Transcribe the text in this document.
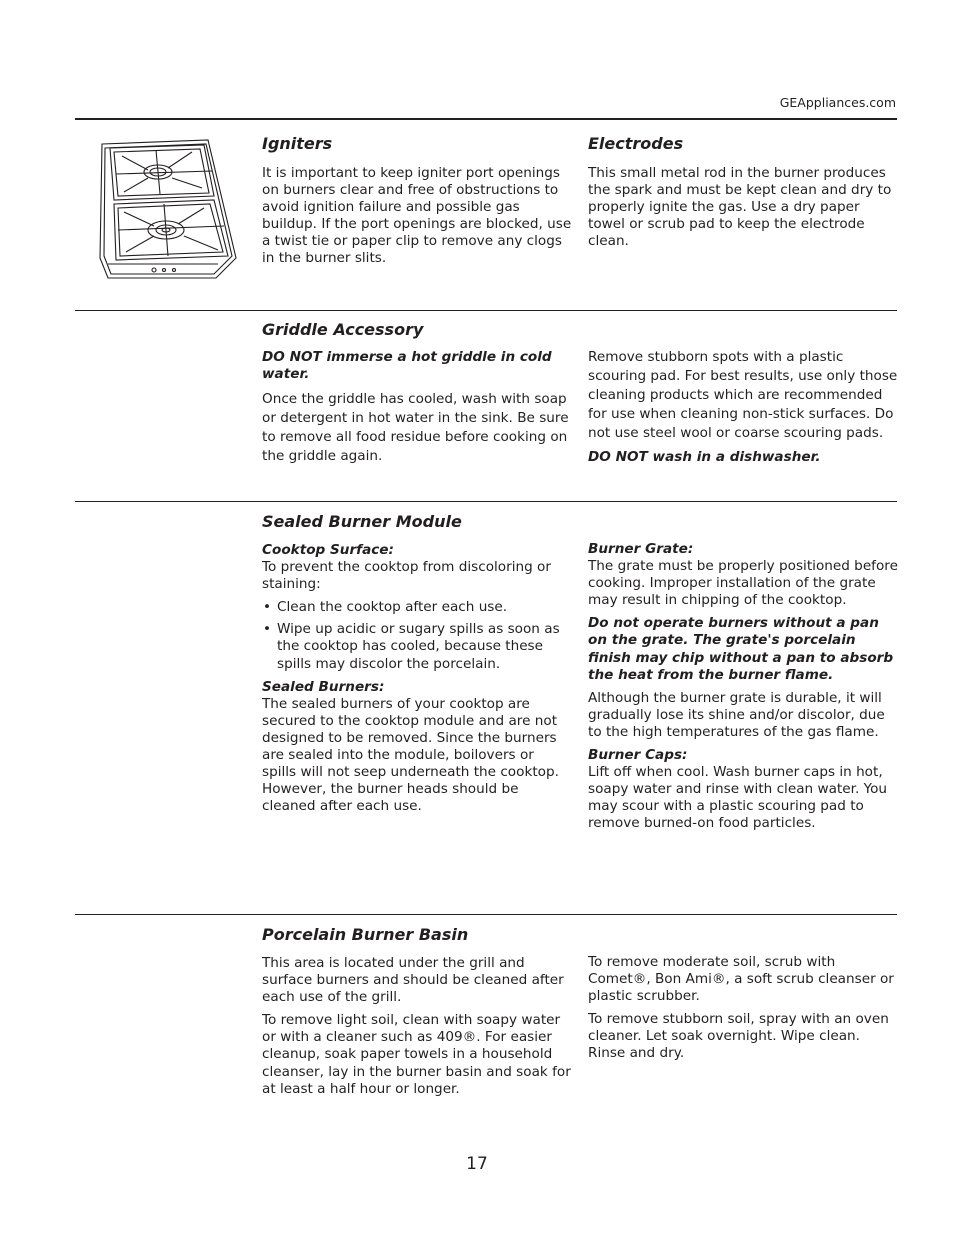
GEAppliances.com
Igniters
It is important to keep igniter port openings on burners clear and free of obstructions to avoid ignition failure and possible gas buildup. If the port openings are blocked, use a twist tie or paper clip to remove any clogs in the burner slits.
Electrodes
This small metal rod in the burner produces the spark and must be kept clean and dry to properly ignite the gas. Use a dry paper towel or scrub pad to keep the electrode clean.
Griddle Accessory
DO NOT immerse a hot griddle in cold water.
Once the griddle has cooled, wash with soap or detergent in hot water in the sink. Be sure to remove all food residue before cooking on the griddle again.
Remove stubborn spots with a plastic scouring pad. For best results, use only those cleaning products which are recommended for use when cleaning non-stick surfaces. Do not use steel wool or coarse scouring pads.
DO NOT wash in a dishwasher.
Sealed Burner Module
Cooktop Surface:

To prevent the cooktop from discoloring or staining:

• Clean the cooktop after each use.
• Wipe up acidic or sugary spills as soon as the cooktop has cooled, because these spills may discolor the porcelain.
Sealed Burners:

The sealed burners of your cooktop are secured to the cooktop module and are not designed to be removed. Since the burners are sealed into the module, boilovers or spills will not seep underneath the cooktop. However, the burner heads should be cleaned after each use.

Burner Grate:

The grate must be properly positioned before cooking. Improper installation of the grate may result in chipping of the cooktop.

Do not operate burners without a pan on the grate. The grate's porcelain finish may chip without a pan to absorb the heat from the burner flame.

Although the burner grate is durable, it will gradually lose its shine and/or discolor, due to the high temperatures of the gas flame.

Burner Caps:

Lift off when cool. Wash burner caps in hot, soapy water and rinse with clean water. You may scour with a plastic scouring pad to remove burned-on food particles.

Porcelain Burner Basin

This area is located under the grill and surface burners and should be cleaned after each use of the grill.

To remove light soil, clean with soapy water or with a cleaner such as 409®. For easier cleanup, soak paper towels in a household cleanser, lay in the burner basin and soak for at least a half hour or longer.

To remove moderate soil, scrub with Comet®, Bon Ami®, a soft scrub cleanser or plastic scrubber.

To remove stubborn soil, spray with an oven cleaner. Let soak overnight. Wipe clean. Rinse and dry.

17
